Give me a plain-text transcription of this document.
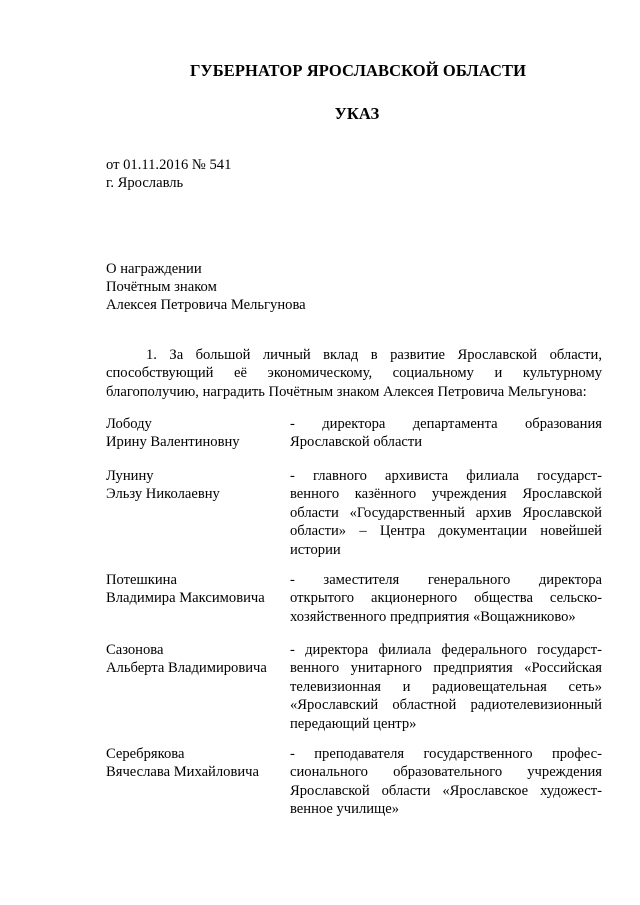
ГУБЕРНАТОР ЯРОСЛАВСКОЙ ОБЛАСТИ
УКАЗ
от 01.11.2016 № 541
г. Ярославль
О награждении
Почётным знаком
Алексея Петровича Мельгунова
1. За большой личный вклад в развитие Ярославской области,
способствующий её экономическому, социальному и культурному
благополучию, наградить Почётным знаком Алексея Петровича Мельгунова:
Лободу
Ирину Валентиновну
- директора департамента образования
Ярославской области
Лунину
Эльзу Николаевну
- главного архивиста филиала государст-
венного казённого учреждения Ярославской
области «Государственный архив Ярославской
области» – Центра документации новейшей
истории
Потешкина
Владимира Максимовича
- заместителя генерального директора
открытого акционерного общества сельско-
хозяйственного предприятия «Вощажниково»
Сазонова
Альберта Владимировича
- директора филиала федерального государст-
венного унитарного предприятия «Российская
телевизионная и радиовещательная сеть»
«Ярославский областной радиотелевизионный
передающий центр»
Серебрякова
Вячеслава Михайловича
- преподавателя государственного профес-
сионального образовательного учреждения
Ярославской области «Ярославское художест-
венное училище»
